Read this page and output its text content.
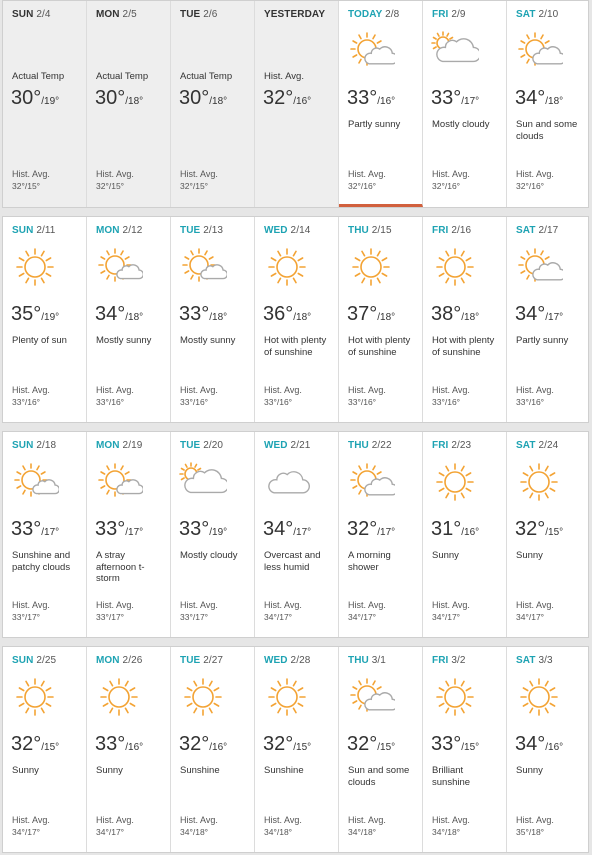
SUN 2/4
Actual Temp
30°/19°
Hist. Avg.
32°/15°
MON 2/5
Actual Temp
30°/18°
Hist. Avg.
32°/15°
TUE 2/6
Actual Temp
30°/18°
Hist. Avg.
32°/15°
YESTERDAY
Hist. Avg.
32°/16°
TODAY 2/8
33°/16°
Partly sunny
Hist. Avg.
32°/16°
FRI 2/9
33°/17°
Mostly cloudy
Hist. Avg.
32°/16°
SAT 2/10
34°/18°
Sun and some clouds
Hist. Avg.
32°/16°
SUN 2/11
35°/19°
Plenty of sun
Hist. Avg.
33°/16°
MON 2/12
34°/18°
Mostly sunny
Hist. Avg.
33°/16°
TUE 2/13
33°/18°
Mostly sunny
Hist. Avg.
33°/16°
WED 2/14
36°/18°
Hot with plenty of sunshine
Hist. Avg.
33°/16°
THU 2/15
37°/18°
Hot with plenty of sunshine
Hist. Avg.
33°/16°
FRI 2/16
38°/18°
Hot with plenty of sunshine
Hist. Avg.
33°/16°
SAT 2/17
34°/17°
Partly sunny
Hist. Avg.
33°/16°
SUN 2/18
33°/17°
Sunshine and patchy clouds
Hist. Avg.
33°/17°
MON 2/19
33°/17°
A stray afternoon t-storm
Hist. Avg.
33°/17°
TUE 2/20
33°/19°
Mostly cloudy
Hist. Avg.
33°/17°
WED 2/21
34°/17°
Overcast and less humid
Hist. Avg.
34°/17°
THU 2/22
32°/17°
A morning shower
Hist. Avg.
34°/17°
FRI 2/23
31°/16°
Sunny
Hist. Avg.
34°/17°
SAT 2/24
32°/15°
Sunny
Hist. Avg.
34°/17°
SUN 2/25
32°/15°
Sunny
Hist. Avg.
34°/17°
MON 2/26
33°/16°
Sunny
Hist. Avg.
34°/17°
TUE 2/27
32°/16°
Sunshine
Hist. Avg.
34°/18°
WED 2/28
32°/15°
Sunshine
Hist. Avg.
34°/18°
THU 3/1
32°/15°
Sun and some clouds
Hist. Avg.
34°/18°
FRI 3/2
33°/15°
Brilliant sunshine
Hist. Avg.
34°/18°
SAT 3/3
34°/16°
Sunny
Hist. Avg.
35°/18°
